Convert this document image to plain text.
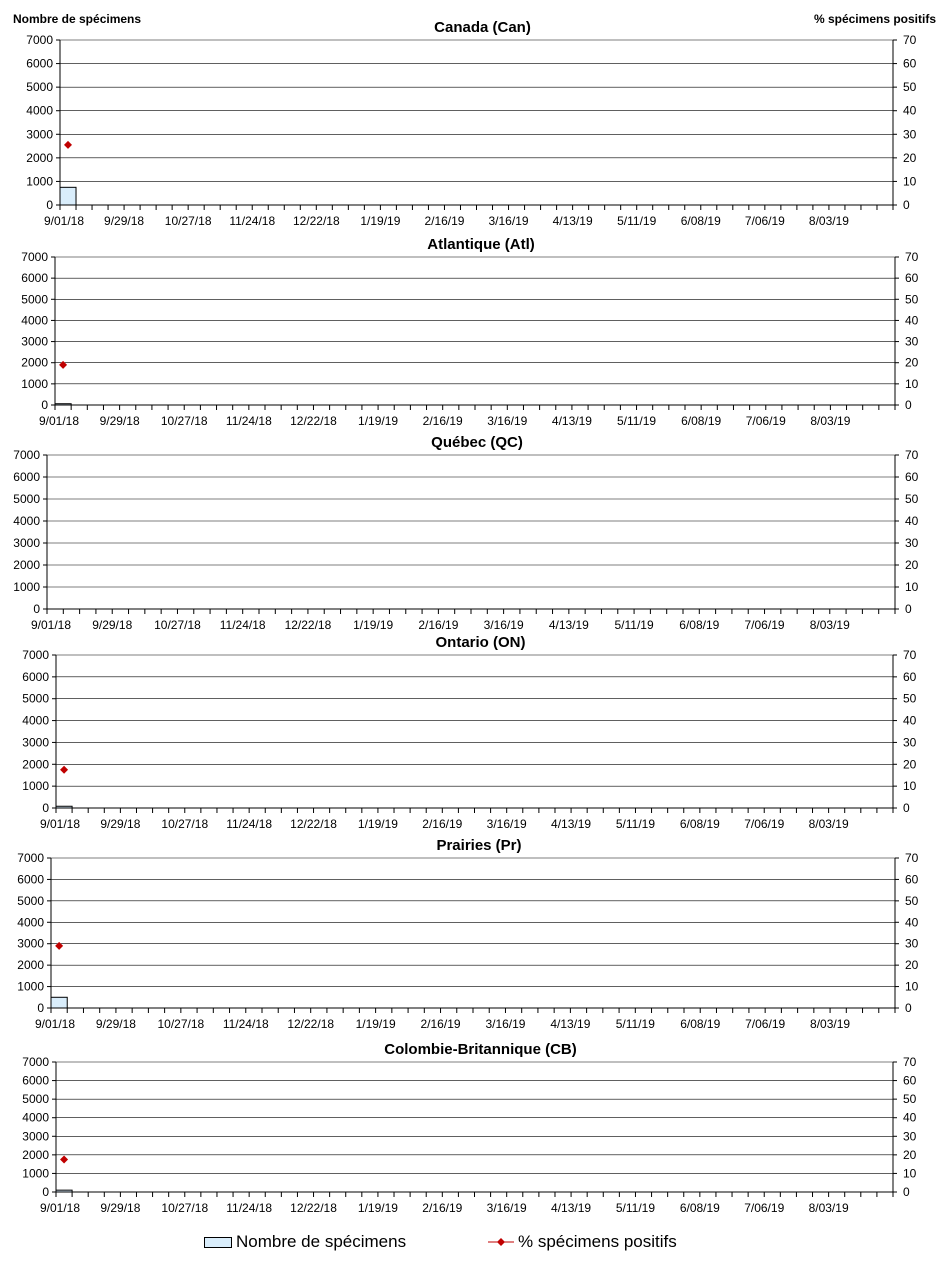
Nombre de spécimens	% spécimens positifs
0	0
1000	10
2000	20
3000	30
4000	40
5000	50
6000	60
7000	70
9/01/18 9/29/18 10/27/18 11/24/18 12/22/18 1/19/19 2/16/19 3/16/19 4/13/19 5/11/19 6/08/19 7/06/19 8/03/19
Canada (Can)
0	0
1000	10
2000	20
3000	30
4000	40
5000	50
6000	60
7000	70
9/01/18 9/29/18 10/27/18 11/24/18 12/22/18 1/19/19 2/16/19 3/16/19 4/13/19 5/11/19 6/08/19 7/06/19 8/03/19
Atlantique (Atl)
0	0
1000	10
2000	20
3000	30
4000	40
5000	50
6000	60
7000	70
9/01/18 9/29/18 10/27/18 11/24/18 12/22/18 1/19/19 2/16/19 3/16/19 4/13/19 5/11/19 6/08/19 7/06/19 8/03/19
Québec (QC)
0	0
1000	10
2000	20
3000	30
4000	40
5000	50
6000	60
7000	70
9/01/18 9/29/18 10/27/18 11/24/18 12/22/18 1/19/19 2/16/19 3/16/19 4/13/19 5/11/19 6/08/19 7/06/19 8/03/19
Ontario (ON)
0	0
1000	10
2000	20
3000	30
4000	40
5000	50
6000	60
7000	70
9/01/18 9/29/18 10/27/18 11/24/18 12/22/18 1/19/19 2/16/19 3/16/19 4/13/19 5/11/19 6/08/19 7/06/19 8/03/19
Prairies (Pr)
0	0
1000	10
2000	20
3000	30
4000	40
5000	50
6000	60
7000	70
9/01/18 9/29/18 10/27/18 11/24/18 12/22/18 1/19/19 2/16/19 3/16/19 4/13/19 5/11/19 6/08/19 7/06/19 8/03/19
Colombie-Britannique (CB)
Nombre de spécimens	% spécimens positifs
